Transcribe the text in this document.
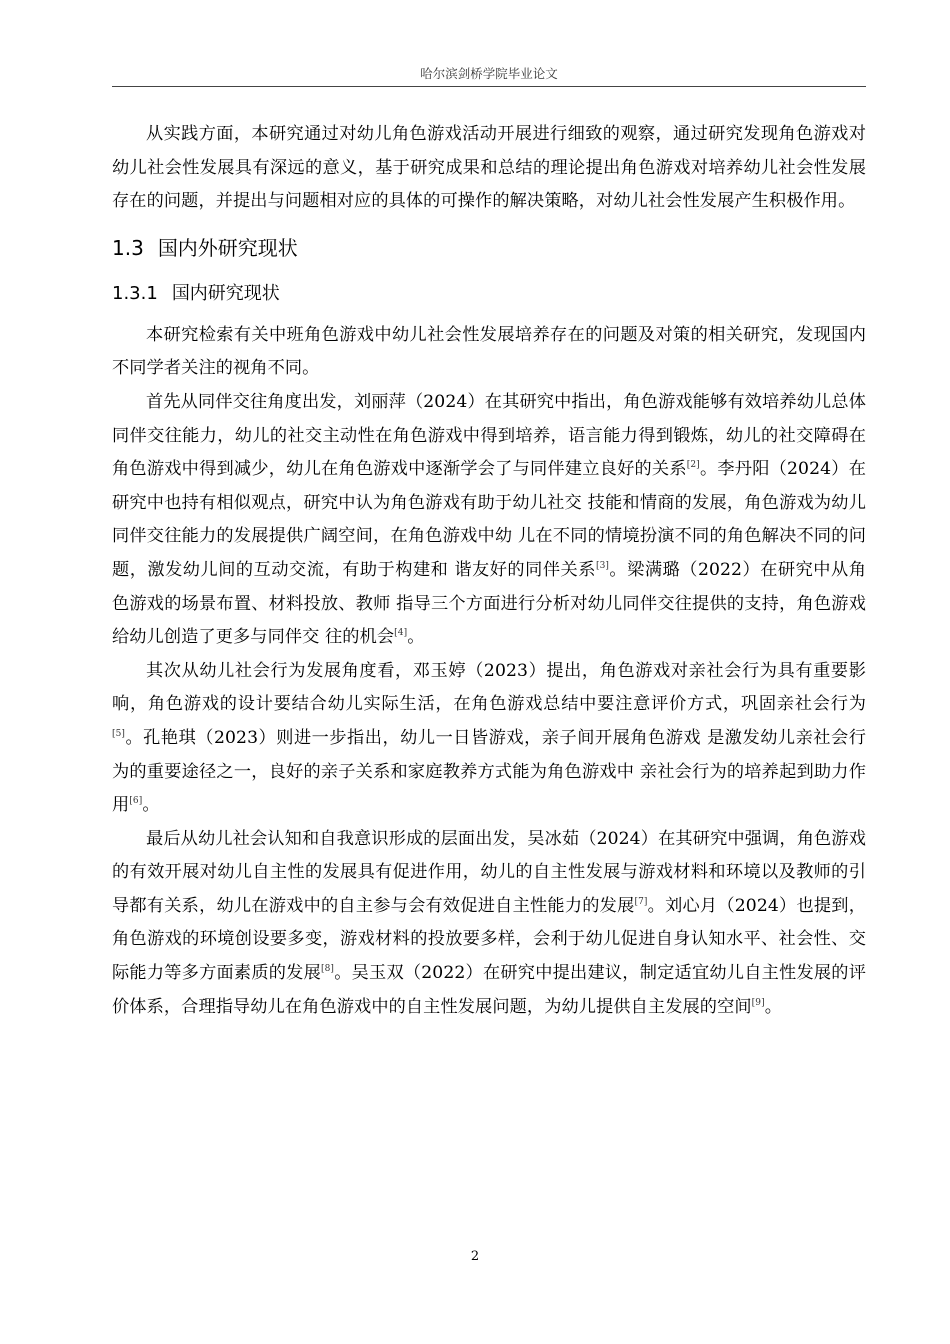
哈尔滨剑桥学院毕业论文

从实践方面，本研究通过对幼儿角色游戏活动开展进行细致的观察，通过研究发现角色游戏对幼儿社会性发展具有深远的意义，基于研究成果和总结的理论提出角色游戏对培养幼儿社会性发展存在的问题，并提出与问题相对应的具体的可操作的解决策略，对幼儿社会性发展产生积极作用。

1.3 国内外研究现状
1.3.1 国内研究现状

本研究检索有关中班角色游戏中幼儿社会性发展培养存在的问题及对策的相关研究，发现国内不同学者关注的视角不同。

首先从同伴交往角度出发，刘丽萍（2024）在其研究中指出，角色游戏能够有效培养幼儿总体同伴交往能力，幼儿的社交主动性在角色游戏中得到培养，语言能力得到锻炼，幼儿的社交障碍在角色游戏中得到减少，幼儿在角色游戏中逐渐学会了与同伴建立良好的关系[2]。李丹阳（2024）在研究中也持有相似观点，研究中认为角色游戏有助于幼儿社交 技能和情商的发展，角色游戏为幼儿同伴交往能力的发展提供广阔空间，在角色游戏中幼 儿在不同的情境扮演不同的角色解决不同的问题，激发幼儿间的互动交流，有助于构建和 谐友好的同伴关系[3]。梁满璐（2022）在研究中从角色游戏的场景布置、材料投放、教师 指导三个方面进行分析对幼儿同伴交往提供的支持，角色游戏给幼儿创造了更多与同伴交 往的机会[4]。

其次从幼儿社会行为发展角度看，邓玉婷（2023）提出，角色游戏对亲社会行为具有重要影响，角色游戏的设计要结合幼儿实际生活，在角色游戏总结中要注意评价方式，巩固亲社会行为[5]。孔艳琪（2023）则进一步指出，幼儿一日皆游戏，亲子间开展角色游戏 是激发幼儿亲社会行为的重要途径之一，良好的亲子关系和家庭教养方式能为角色游戏中 亲社会行为的培养起到助力作用[6]。

最后从幼儿社会认知和自我意识形成的层面出发，吴冰茹（2024）在其研究中强调，角色游戏的有效开展对幼儿自主性的发展具有促进作用，幼儿的自主性发展与游戏材料和环境以及教师的引导都有关系，幼儿在游戏中的自主参与会有效促进自主性能力的发展[7]。刘心月（2024）也提到，角色游戏的环境创设要多变，游戏材料的投放要多样，会利于幼儿促进自身认知水平、社会性、交际能力等多方面素质的发展[8]。吴玉双（2022）在研究中提出建议，制定适宜幼儿自主性发展的评价体系，合理指导幼儿在角色游戏中的自主性发展问题，为幼儿提供自主发展的空间[9]。

2
